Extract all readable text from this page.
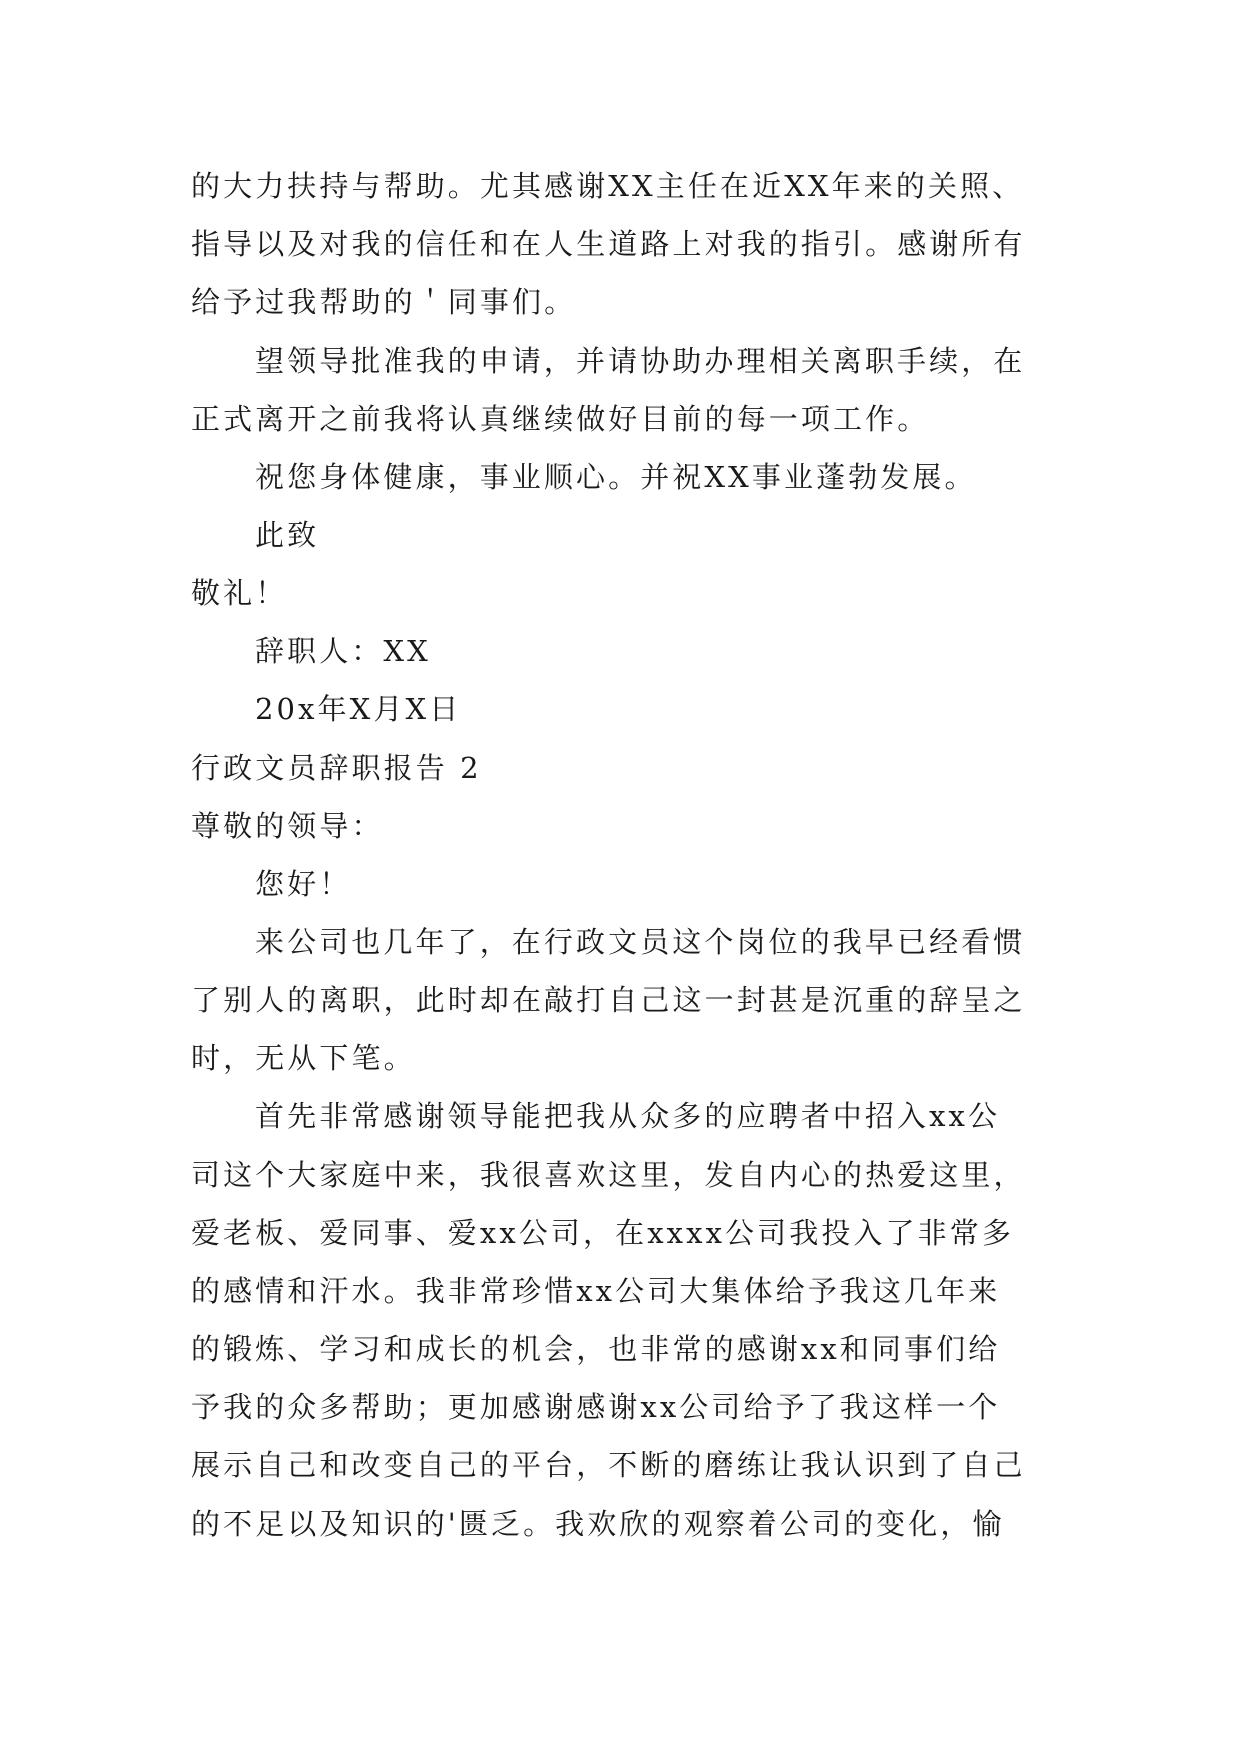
的大力扶持与帮助。尤其感谢XX主任在近XX年来的关照、
指导以及对我的信任和在人生道路上对我的指引。感谢所有
给予过我帮助的＇同事们。
望领导批准我的申请，并请协助办理相关离职手续，在
正式离开之前我将认真继续做好目前的每一项工作。
祝您身体健康，事业顺心。并祝XX事业蓬勃发展。
此致
敬礼！
辞职人：XX
20x年X月X日
行政文员辞职报告 2
尊敬的领导：
您好！
来公司也几年了，在行政文员这个岗位的我早已经看惯
了别人的离职，此时却在敲打自己这一封甚是沉重的辞呈之
时，无从下笔。
首先非常感谢领导能把我从众多的应聘者中招入xx公
司这个大家庭中来，我很喜欢这里，发自内心的热爱这里，
爱老板、爱同事、爱xx公司，在xxxx公司我投入了非常多
的感情和汗水。我非常珍惜xx公司大集体给予我这几年来
的锻炼、学习和成长的机会，也非常的感谢xx和同事们给
予我的众多帮助；更加感谢感谢xx公司给予了我这样一个
展示自己和改变自己的平台，不断的磨练让我认识到了自己
的不足以及知识的'匮乏。我欢欣的观察着公司的变化，愉
